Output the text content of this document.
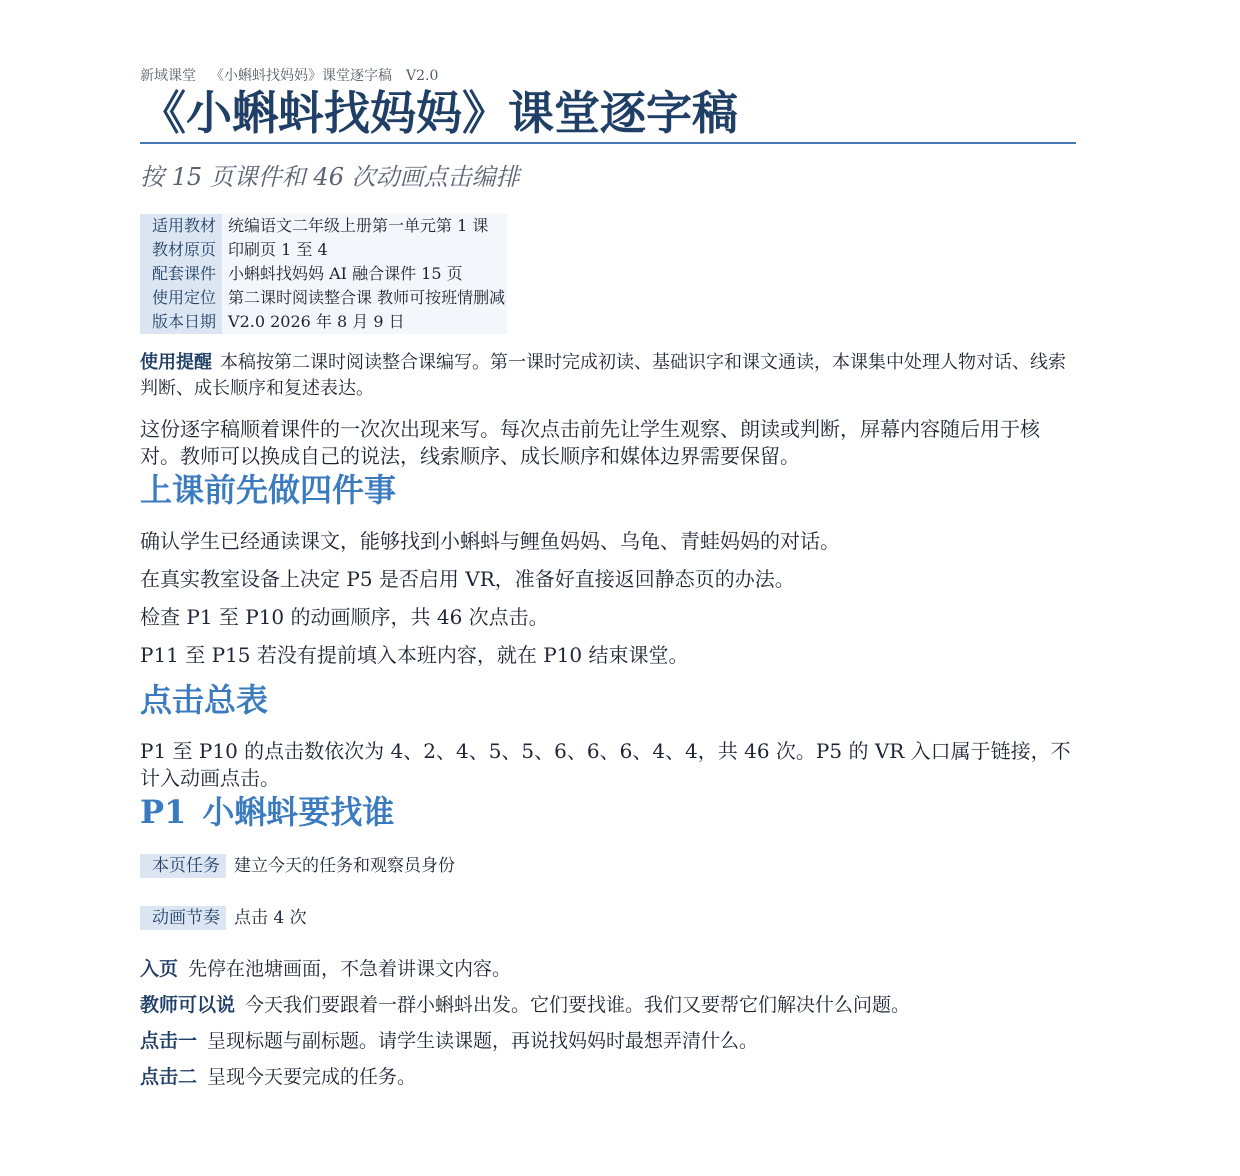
新域课堂 《小蝌蚪找妈妈》课堂逐字稿 V2.0
《小蝌蚪找妈妈》课堂逐字稿

按 15 页课件和 46 次动画点击编排

适用教材	统编语文二年级上册第一单元第 1 课
教材原页	印刷页 1 至 4
配套课件	小蝌蚪找妈妈 AI 融合课件 15 页
使用定位	第二课时阅读整合课 教师可按班情删减
版本日期	V2.0 2026 年 8 月 9 日
使用提醒 本稿按第二课时阅读整合课编写。第一课时完成初读、基础识字和课文通读，本课集中处理人物对话、线索判断、成长顺序和复述表达。
这份逐字稿顺着课件的一次次出现来写。每次点击前先让学生观察、朗读或判断，屏幕内容随后用于核对。教师可以换成自己的说法，线索顺序、成长顺序和媒体边界需要保留。
上课前先做四件事

确认学生已经通读课文，能够找到小蝌蚪与鲤鱼妈妈、乌龟、青蛙妈妈的对话。

在真实教室设备上决定 P5 是否启用 VR，准备好直接返回静态页的办法。

检查 P1 至 P10 的动画顺序，共 46 次点击。

P11 至 P15 若没有提前填入本班内容，就在 P10 结束课堂。

点击总表
P1 至 P10 的点击数依次为 4、2、4、5、5、6、6、6、4、4，共 46 次。P5 的 VR 入口属于链接，不计入动画点击。
P1 小蝌蚪要找谁
本页任务 建立今天的任务和观察员身份
动画节奏 点击 4 次

入页 先停在池塘画面，不急着讲课文内容。

教师可以说 今天我们要跟着一群小蝌蚪出发。它们要找谁。我们又要帮它们解决什么问题。

点击一 呈现标题与副标题。请学生读课题，再说找妈妈时最想弄清什么。

点击二 呈现今天要完成的任务。
